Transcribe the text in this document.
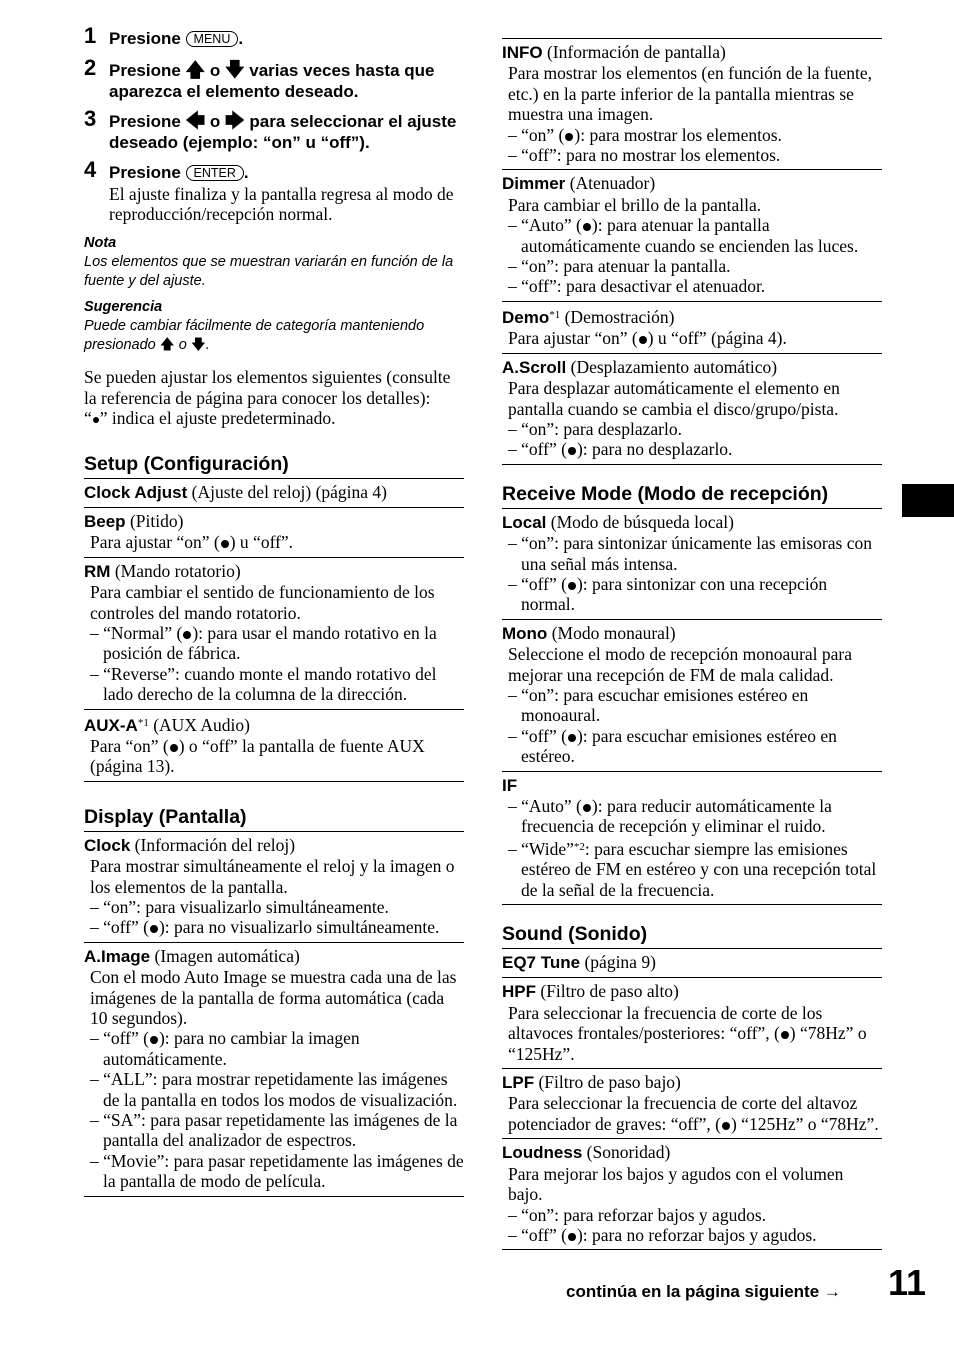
1 Presione MENU .
2 Presione 🡅 o 🡇 varias veces hasta que aparezca el elemento deseado.
3 Presione 🡄 o 🡆 para seleccionar el ajuste deseado (ejemplo: “on” u “off”).
4 Presione ENTER .
El ajuste finaliza y la pantalla regresa al modo de reproducción/recepción normal.
Nota
Los elementos que se muestran variarán en función de la fuente y del ajuste.
Sugerencia
Puede cambiar fácilmente de categoría manteniendo presionado 🡅 o 🡇.
Se pueden ajustar los elementos siguientes (consulte la referencia de página para conocer los detalles):
“ ” indica el ajuste predeterminado.
Setup (Configuración)
Clock Adjust (Ajuste del reloj) (página 4)
Beep (Pitido)
Para ajustar “on” ( ) u “off”.
RM (Mando rotatorio)
Para cambiar el sentido de funcionamiento de los controles del mando rotatorio.
– “Normal” ( ): para usar el mando rotativo en la posición de fábrica.
– “Reverse”: cuando monte el mando rotativo del lado derecho de la columna de la dirección.
AUX-$A^{*1}$ (AUX Audio)
Para “on” ( ) o “off” la pantalla de fuente AUX (página 13).
Display (Pantalla)
Clock (Información del reloj)
Para mostrar simultáneamente el reloj y la imagen o los elementos de la pantalla.
– “on”: para visualizarlo simultáneamente.
– “off” ( ): para no visualizarlo simultáneamente.
A.Image (Imagen automática)
Con el modo Auto Image se muestra cada una de las imágenes de la pantalla de forma automática (cada 10 segundos).
– “off” ( ): para no cambiar la imagen automáticamente.
– “ALL”: para mostrar repetidamente las imágenes de la pantalla en todos los modos de visualización.
– “SA”: para pasar repetidamente las imágenes de la pantalla del analizador de espectros.
– “Movie”: para pasar repetidamente las imágenes de la pantalla de modo de película.
INFO (Información de pantalla)
Para mostrar los elementos (en función de la fuente, etc.) en la parte inferior de la pantalla mientras se muestra una imagen.
– “on” ( ): para mostrar los elementos.
– “off”: para no mostrar los elementos.
Dimmer (Atenuador)
Para cambiar el brillo de la pantalla.
– “Auto” ( ): para atenuar la pantalla automáticamente cuando se encienden las luces.
– “on”: para atenuar la pantalla.
– “off”: para desactivar el atenuador.
Demo$^{*1}$ (Demostración)
Para ajustar “on” ( ) u “off” (página 4).
A.Scroll (Desplazamiento automático)
Para desplazar automáticamente el elemento en pantalla cuando se cambia el disco/grupo/pista.
– “on”: para desplazarlo.
– “off” ( ): para no desplazarlo.
Receive Mode (Modo de recepción)
Local (Modo de búsqueda local)
– “on”: para sintonizar únicamente las emisoras con una señal más intensa.
– “off” ( ): para sintonizar con una recepción normal.
Mono (Modo monaural)
Seleccione el modo de recepción monoaural para mejorar una recepción de FM de mala calidad.
– “on”: para escuchar emisiones estéreo en monoaural.
– “off” ( ): para escuchar emisiones estéreo en estéreo.
IF
– “Auto” ( ): para reducir automáticamente la frecuencia de recepción y eliminar el ruido.
– “Wide”$^{*2}$: para escuchar siempre las emisiones estéreo de FM en estéreo y con una recepción total de la señal de la frecuencia.
Sound (Sonido)
EQ7 Tune (página 9)
HPF (Filtro de paso alto)
Para seleccionar la frecuencia de corte de los altavoces frontales/posteriores: “off”, ( ) “78Hz” o “125Hz”.
LPF (Filtro de paso bajo)
Para seleccionar la frecuencia de corte del altavoz potenciador de graves: “off”, ( ) “125Hz” o “78Hz”.
Loudness (Sonoridad)
Para mejorar los bajos y agudos con el volumen bajo.
– “on”: para reforzar bajos y agudos.
– “off” ( ): para no reforzar bajos y agudos.
continúa en la página siguiente → 11
